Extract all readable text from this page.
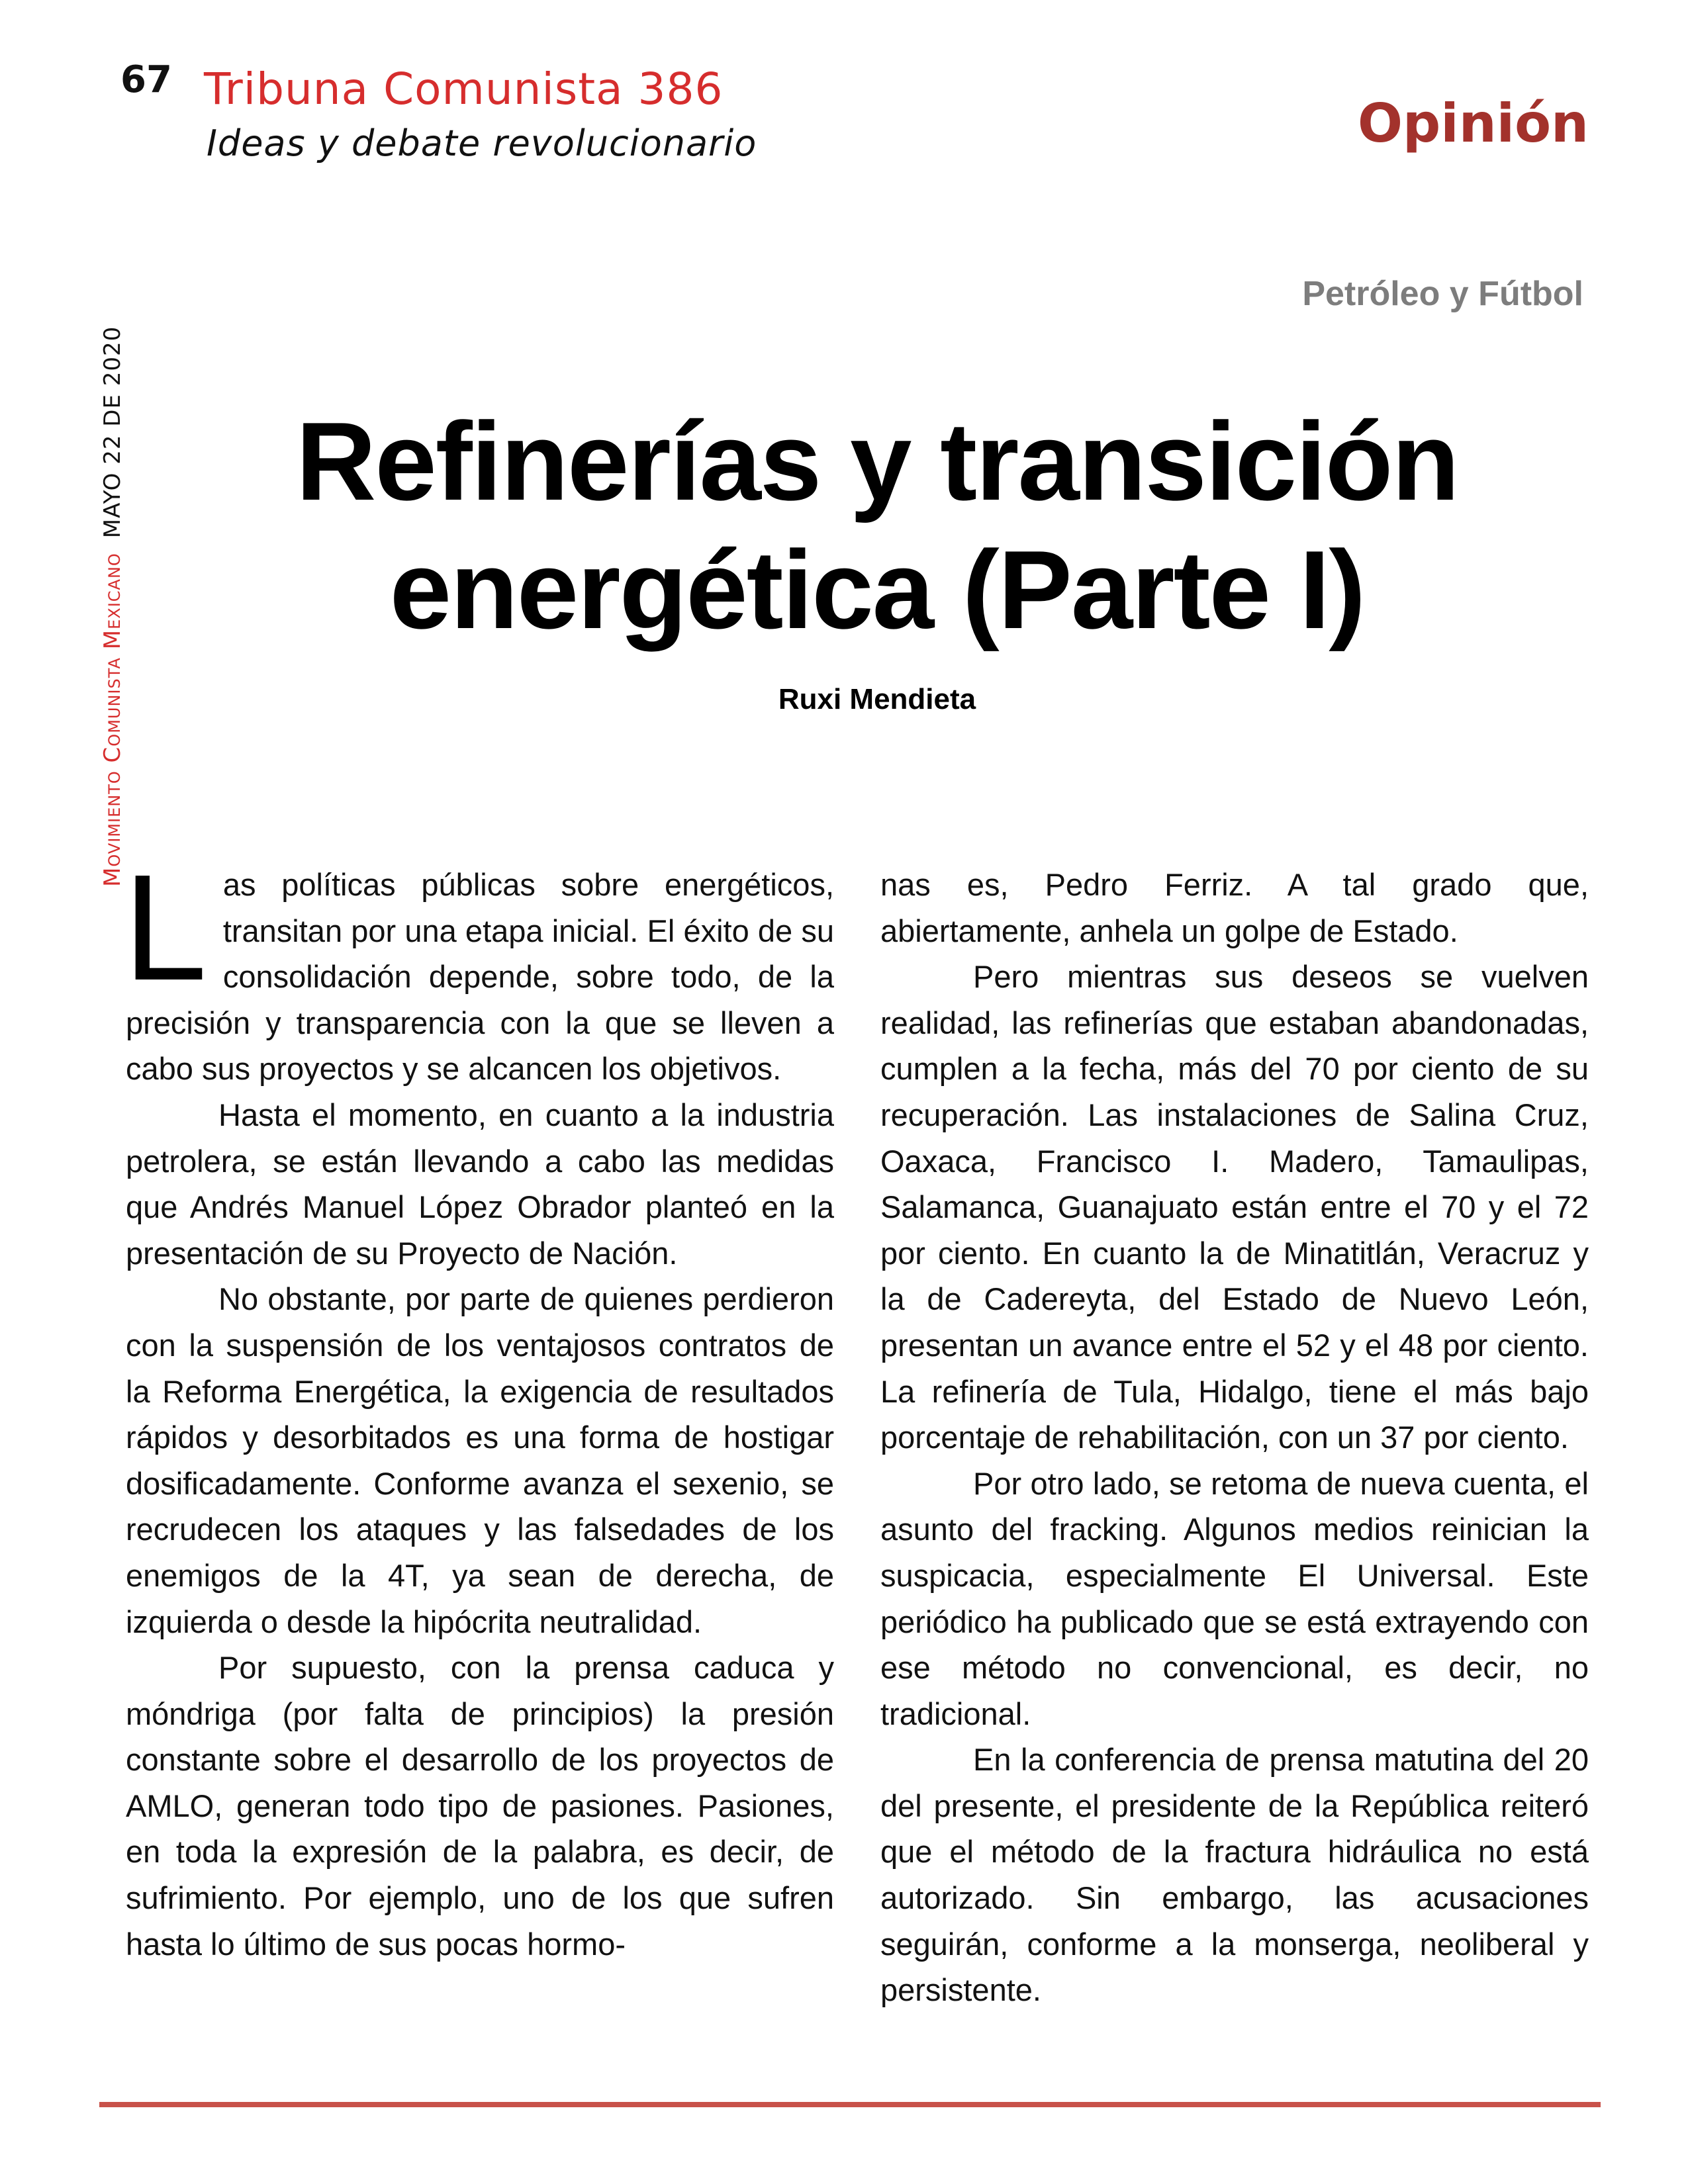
67 Tribuna Comunista 386
Ideas y debate revolucionario	Opinión
Movimiento Comunista MexicanoMAYO 22 DE 2020
Petróleo y Fútbol
Refinerías y transición energética (Parte I)
Ruxi Mendieta

Las políticas públicas sobre energéticos, transitan por una etapa inicial. El éxito de su consolidación depende, sobre todo, de la precisión y transparencia con la que se lleven a cabo sus proyectos y se alcancen los objetivos.

Hasta el momento, en cuanto a la industria petrolera, se están llevando a cabo las medidas que Andrés Manuel López Obrador planteó en la presentación de su Proyecto de Nación.

No obstante, por parte de quienes perdieron con la suspensión de los ventajosos contratos de la Reforma Energética, la exigencia de resultados rápidos y desorbitados es una forma de hostigar dosificadamente. Conforme avanza el sexenio, se recrudecen los ataques y las falsedades de los enemigos de la 4T, ya sean de derecha, de izquierda o desde la hipócrita neutralidad.

Por supuesto, con la prensa caduca y móndriga (por falta de principios) la presión constante sobre el desarrollo de los proyectos de AMLO, generan todo tipo de pasiones. Pasiones, en toda la expresión de la palabra, es decir, de sufrimiento. Por ejemplo, uno de los que sufren hasta lo último de sus pocas hormo-

nas es, Pedro Ferriz. A tal grado que, abiertamente, anhela un golpe de Estado.

Pero mientras sus deseos se vuelven realidad, las refinerías que estaban abandonadas, cumplen a la fecha, más del 70 por ciento de su recuperación. Las instalaciones de Salina Cruz, Oaxaca, Francisco I. Madero, Tamaulipas, Salamanca, Guanajuato están entre el 70 y el 72 por ciento. En cuanto la de Minatitlán, Veracruz y la de Cadereyta, del Estado de Nuevo León, presentan un avance entre el 52 y el 48 por ciento. La refinería de Tula, Hidalgo, tiene el más bajo porcentaje de rehabilitación, con un 37 por ciento.

Por otro lado, se retoma de nueva cuenta, el asunto del fracking. Algunos medios reinician la suspicacia, especialmente El Universal. Este periódico ha publicado que se está extrayendo con ese método no convencional, es decir, no tradicional.

En la conferencia de prensa matutina del 20 del presente, el presidente de la República reiteró que el método de la fractura hidráulica no está autorizado. Sin embargo, las acusaciones seguirán, conforme a la monserga, neoliberal y persistente.
